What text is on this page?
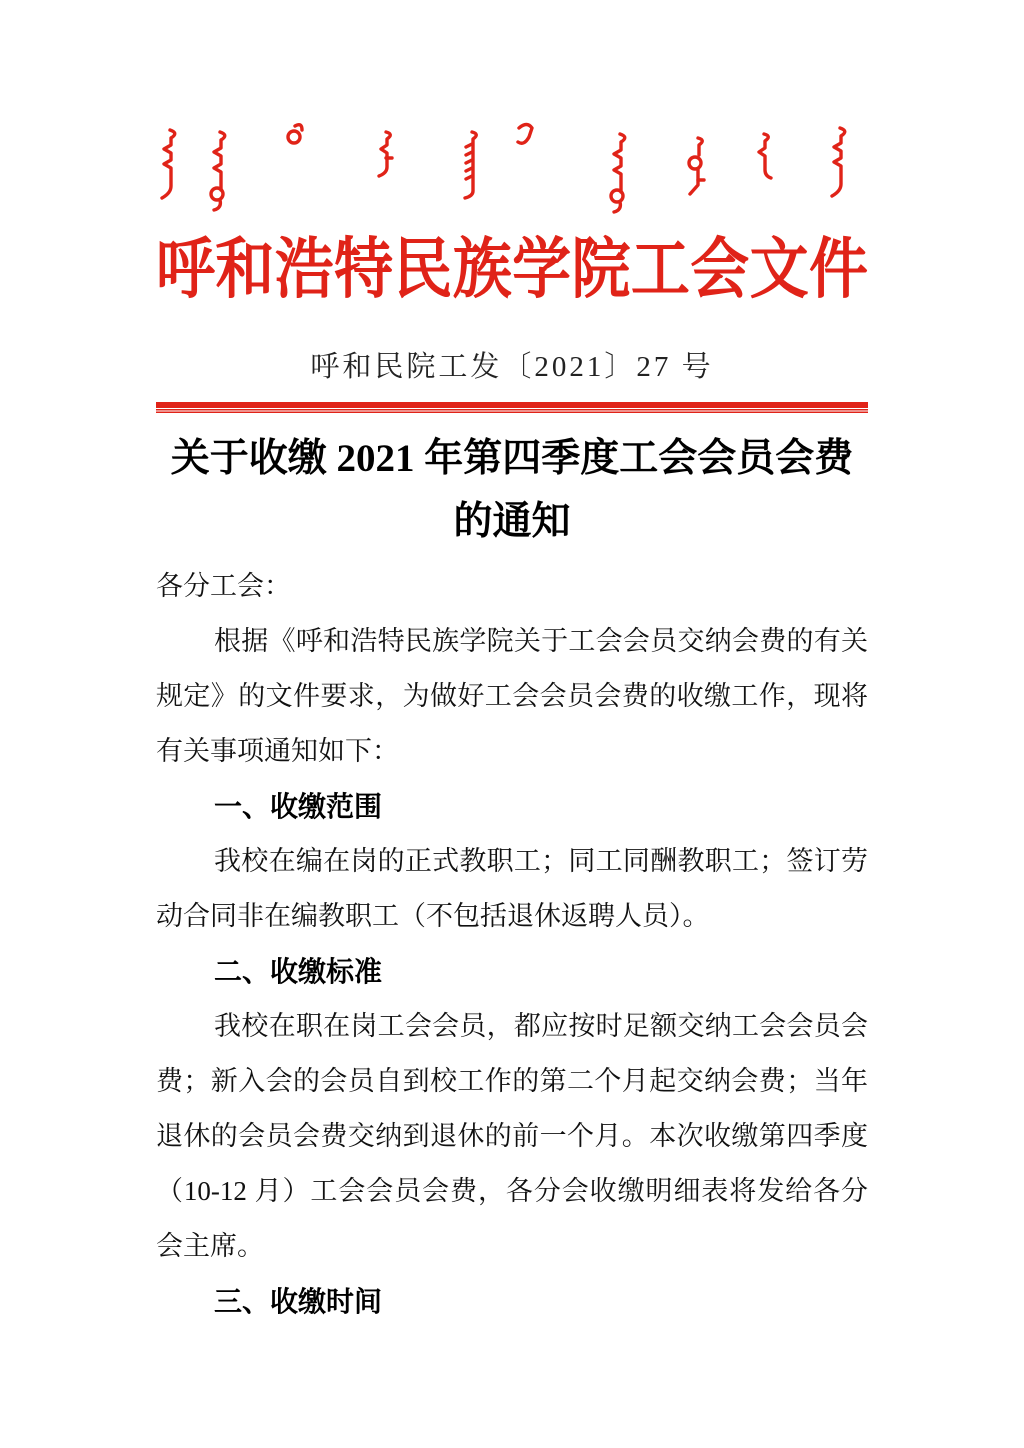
呼和浩特民族学院工会文件
呼和民院工发〔2021〕27 号
关于收缴 2021 年第四季度工会会员会费的通知

各分工会：

根据《呼和浩特民族学院关于工会会员交纳会费的有关规定》的文件要求，为做好工会会员会费的收缴工作，现将有关事项通知如下：

一、收缴范围

我校在编在岗的正式教职工；同工同酬教职工；签订劳动合同非在编教职工（不包括退休返聘人员）。

二、收缴标准

我校在职在岗工会会员，都应按时足额交纳工会会员会费；新入会的会员自到校工作的第二个月起交纳会费；当年退休的会员会费交纳到退休的前一个月。本次收缴第四季度（10-12 月）工会会员会费，各分会收缴明细表将发给各分会主席。

三、收缴时间
